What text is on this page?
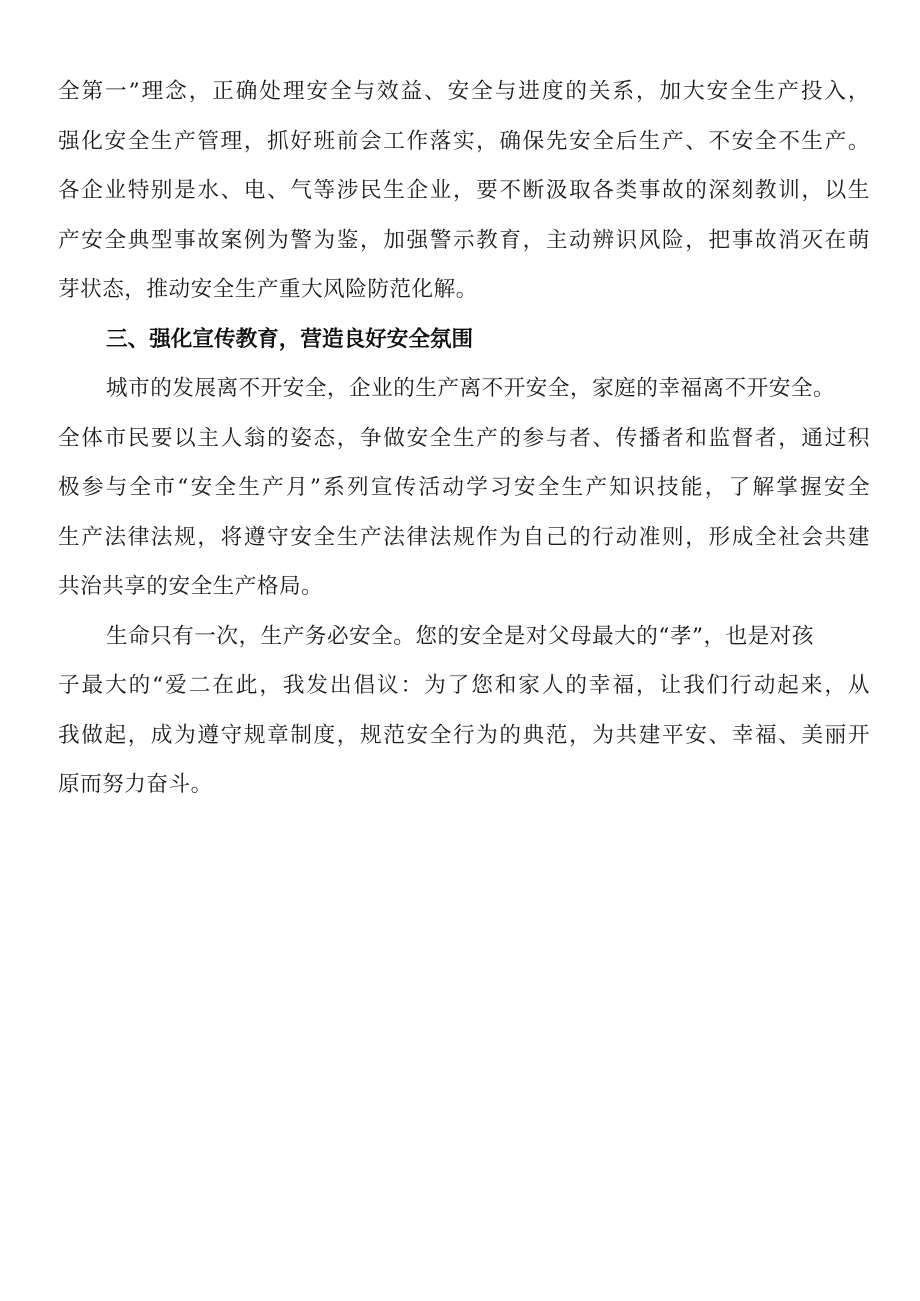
全第一”理念，正确处理安全与效益、安全与进度的关系，加大安全生产投入，
强化安全生产管理，抓好班前会工作落实，确保先安全后生产、不安全不生产。
各企业特别是水、电、气等涉民生企业，要不断汲取各类事故的深刻教训，以生
产安全典型事故案例为警为鉴，加强警示教育，主动辨识风险，把事故消灭在萌
芽状态，推动安全生产重大风险防范化解。
三、强化宣传教育，营造良好安全氛围
城市的发展离不开安全，企业的生产离不开安全，家庭的幸福离不开安全。
全体市民要以主人翁的姿态，争做安全生产的参与者、传播者和监督者，通过积
极参与全市“安全生产月”系列宣传活动学习安全生产知识技能，了解掌握安全
生产法律法规，将遵守安全生产法律法规作为自己的行动准则，形成全社会共建
共治共享的安全生产格局。
生命只有一次，生产务必安全。您的安全是对父母最大的“孝”，也是对孩
子最大的“爱二在此，我发出倡议：为了您和家人的幸福，让我们行动起来，从
我做起，成为遵守规章制度，规范安全行为的典范，为共建平安、幸福、美丽开
原而努力奋斗。
